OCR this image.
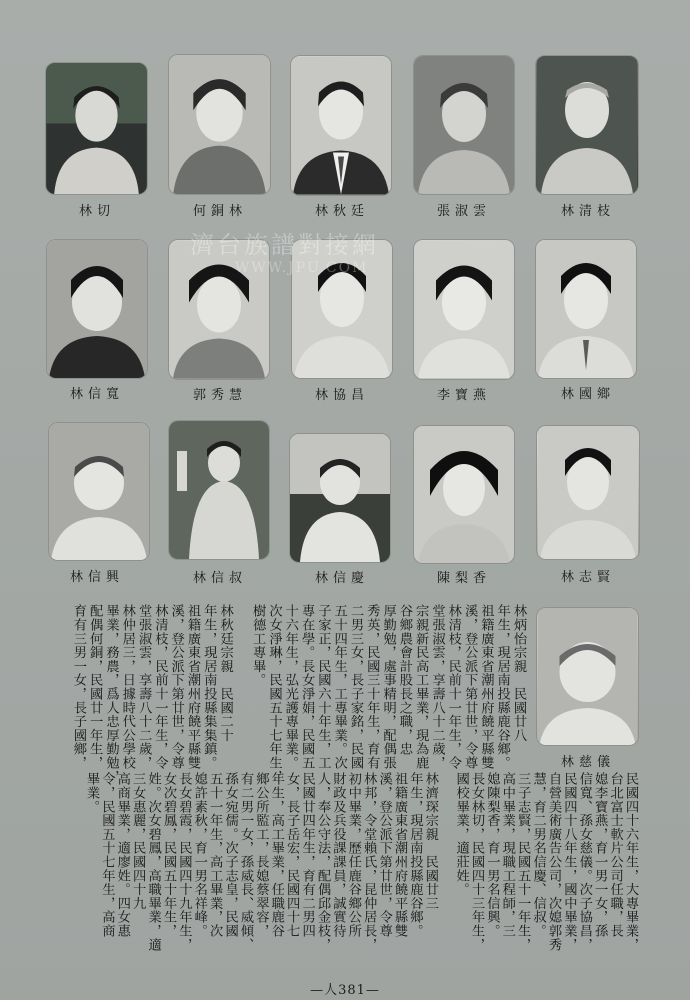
林切	何銅林	林秋廷	張淑雲	林清枝
林信寬	郭秀慧	林協昌	李寶燕	林國鄉
林信興	林信叔	林信慶	陳梨香	林志賢
林慈儀
濟台族譜對接網
WWW.JPU.COM
林炳怡宗親　民國廿八
年生，現居南投縣鹿谷鄉。
祖籍廣東省潮州府饒平縣雙
溪，登公派下第廿世，令尊
林清枝，民前十一年生，令
堂張淑雲，享壽八十二歲，
宗親新民高工畢業，現為鹿
谷鄉農會計股長之職，忠
厚勤勉，處事精明，配偶張
秀英，民國三十年生，育有
二男三女，長子家銘，民國
五十四年生，工專畢業。次
子家正，民國六十年生，工
專在學。長女淨娟，民國五
十六年生，弘光護專畢業。
次女淨琳，民國五十七年生，
樹德工專畢。
林秋廷宗親　民國二十
年生，現居南投縣集集鎮。
祖籍廣東省潮州府饒平縣雙
溪，登公派下第廿世，令尊
林清枝，民前十一年生，令
堂張淑雲，享壽八十二歲，
林仲居三，日據時代公學校
畢業，務農，爲人忠厚勤勉，
配偶何銅，民國廿一年生，
育有三男一女，長子國鄉，
民國四十六年生，大專畢業，
台北富士軟片公司任職，長
媳李寶燕，育一男一女，孫
信寬、孫女慈儀。次子協昌，
民國四十八年生，國中畢業，
自營美術廣告公司，次媳郭秀
慧，育二男名信慶、信叔。
三子志賢，民國五十一年生，
高中畢業，現職工程師，三
媳陳梨香，育一男名信興。
長女林切，民國四十三年生，
國校畢業，適莊姓。
林濟琛宗親　民國廿三
年生，現居南投縣鹿谷鄉。
祖籍廣東省潮州府饒平縣雙
溪，登公派下第廿世，令尊
林邦，令堂賴氏，昆仲居長，
初中畢業，歷任鹿谷鄉公所
財政及兵役課課員，誠實待
人，奉公守法，配偶邱金枝，
民國廿四年生，育有二男四
女，長子岳宏，民國四十七
年生，高工畢業，任職鹿谷
鄉公所監工，長媳蔡翠容，
有二男一女，孫威長、威傾、
孫女宛儒。次子志皇，民國
五十一年生，高工畢業，次
媳許素秋，育一男名祥峰。
長女碧霞，民國四十九年生，
女次碧鳳，民國五十年生，
姓。次女碧鳳，高職畢業，適
三女惠麗，民國四十九
高商畢業，適廖姓。四女惠
令，民國五十七年生，高商
畢業。
—人381—
